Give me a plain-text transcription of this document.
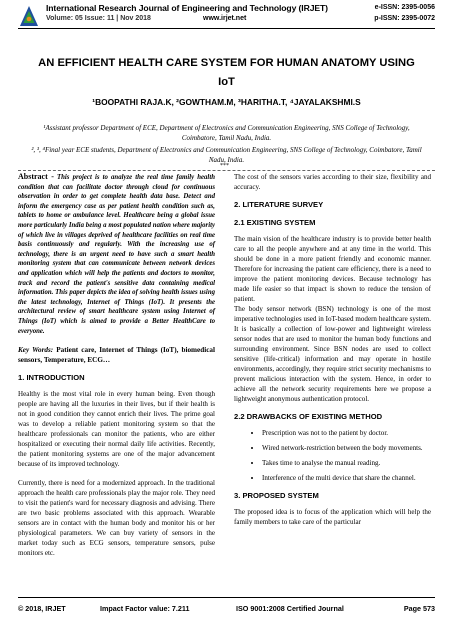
International Research Journal of Engineering and Technology (IRJET)
Volume: 05 Issue: 11 | Nov 2018	www.irjet.net
e-ISSN: 2395-0056
p-ISSN: 2395-0072
AN EFFICIENT HEALTH CARE SYSTEM FOR HUMAN ANATOMY USING
IoT
¹BOOPATHI RAJA.K, ²GOWTHAM.M, ³HARITHA.T, ⁴JAYALAKSHMI.S
¹Assistant professor Department of ECE, Department of Electronics and Communication Engineering, SNS College of Technology, Coimbatore, Tamil Nadu, India.
², ³, ⁴Final year ECE students, Department of Electronics and Communication Engineering, SNS College of Technology, Coimbatore, Tamil Nadu, India.
***

Abstract - This project is to analyze the real time family health condition that can facilitate doctor through cloud for continuous observation in order to get complete health data base. Detect and inform the emergency case as per patient health condition such as, tablets to home or ambulance level. Healthcare being a global issue more particularly India being a most populated nation where majority of which live in villages deprived of healthcare facilities on real time basis continuously and regularly. With the increasing use of technology, there is an urgent need to have such a smart health monitoring system that can communicate between network devices and application which will help the patients and doctors to monitor, track and record the patient's sensitive data containing medical information. This paper depicts the idea of solving health issues using the latest technology, Internet of Things (IoT). It presents the architectural review of smart healthcare system using Internet of Things (IoT) which is aimed to provide a Better HealthCare to everyone.

Key Words: Patient care, Internet of Things (IoT), biomedical sensors, Temperature, ECG…

1. INTRODUCTION

Healthy is the most vital role in every human being. Even though people are having all the luxuries in their lives, but if their health is not in good condition they cannot enrich their lives. The prime goal was to develop a reliable patient monitoring system so that the healthcare professionals can monitor the patients, who are either hospitalized or executing their normal daily life activities. Recently, the patient monitoring systems are one of the major advancement because of its improved technology.

Currently, there is need for a modernized approach. In the traditional approach the health care professionals play the major role. They need to visit the patient's ward for necessary diagnosis and advising. There are two basic problems associated with this approach. Wearable sensors are in contact with the human body and monitor his or her physiological parameters. We can buy variety of sensors in the market today such as ECG sensors, temperature sensors, pulse monitors etc.

The cost of the sensors varies according to their size, flexibility and accuracy.

2. LITERATURE SURVEY
2.1 EXISTING SYSTEM

The main vision of the healthcare industry is to provide better health care to all the people anywhere and at any time in the world. This should be done in a more patient friendly and economic manner. Therefore for increasing the patient care efficiency, there is a need to improve the patient monitoring devices. Because technology has made life easier so that impact is shown to reduce the tension of patient.

The body sensor network (BSN) technology is one of the most imperative technologies used in IoT-based modern healthcare system. It is basically a collection of low-power and lightweight wireless sensor nodes that are used to monitor the human body functions and surrounding environment. Since BSN nodes are used to collect sensitive (life-critical) information and may operate in hostile environments, accordingly, they require strict security mechanisms to prevent malicious interaction with the system. Hence, in order to achieve all the network security requirements here we propose a lightweight anonymous authentication protocol.

2.2 DRAWBACKS OF EXISTING METHOD
• Prescription was not to the patient by doctor.
• Wired network-restriction between the body movements.
• Takes time to analyse the manual reading.
• Interference of the multi device that share the channel.
3. PROPOSED SYSTEM

The proposed idea is to focus of the application which will help the family members to take care of the particular

© 2018, IRJET	Impact Factor value: 7.211	ISO 9001:2008 Certified Journal	Page 573
